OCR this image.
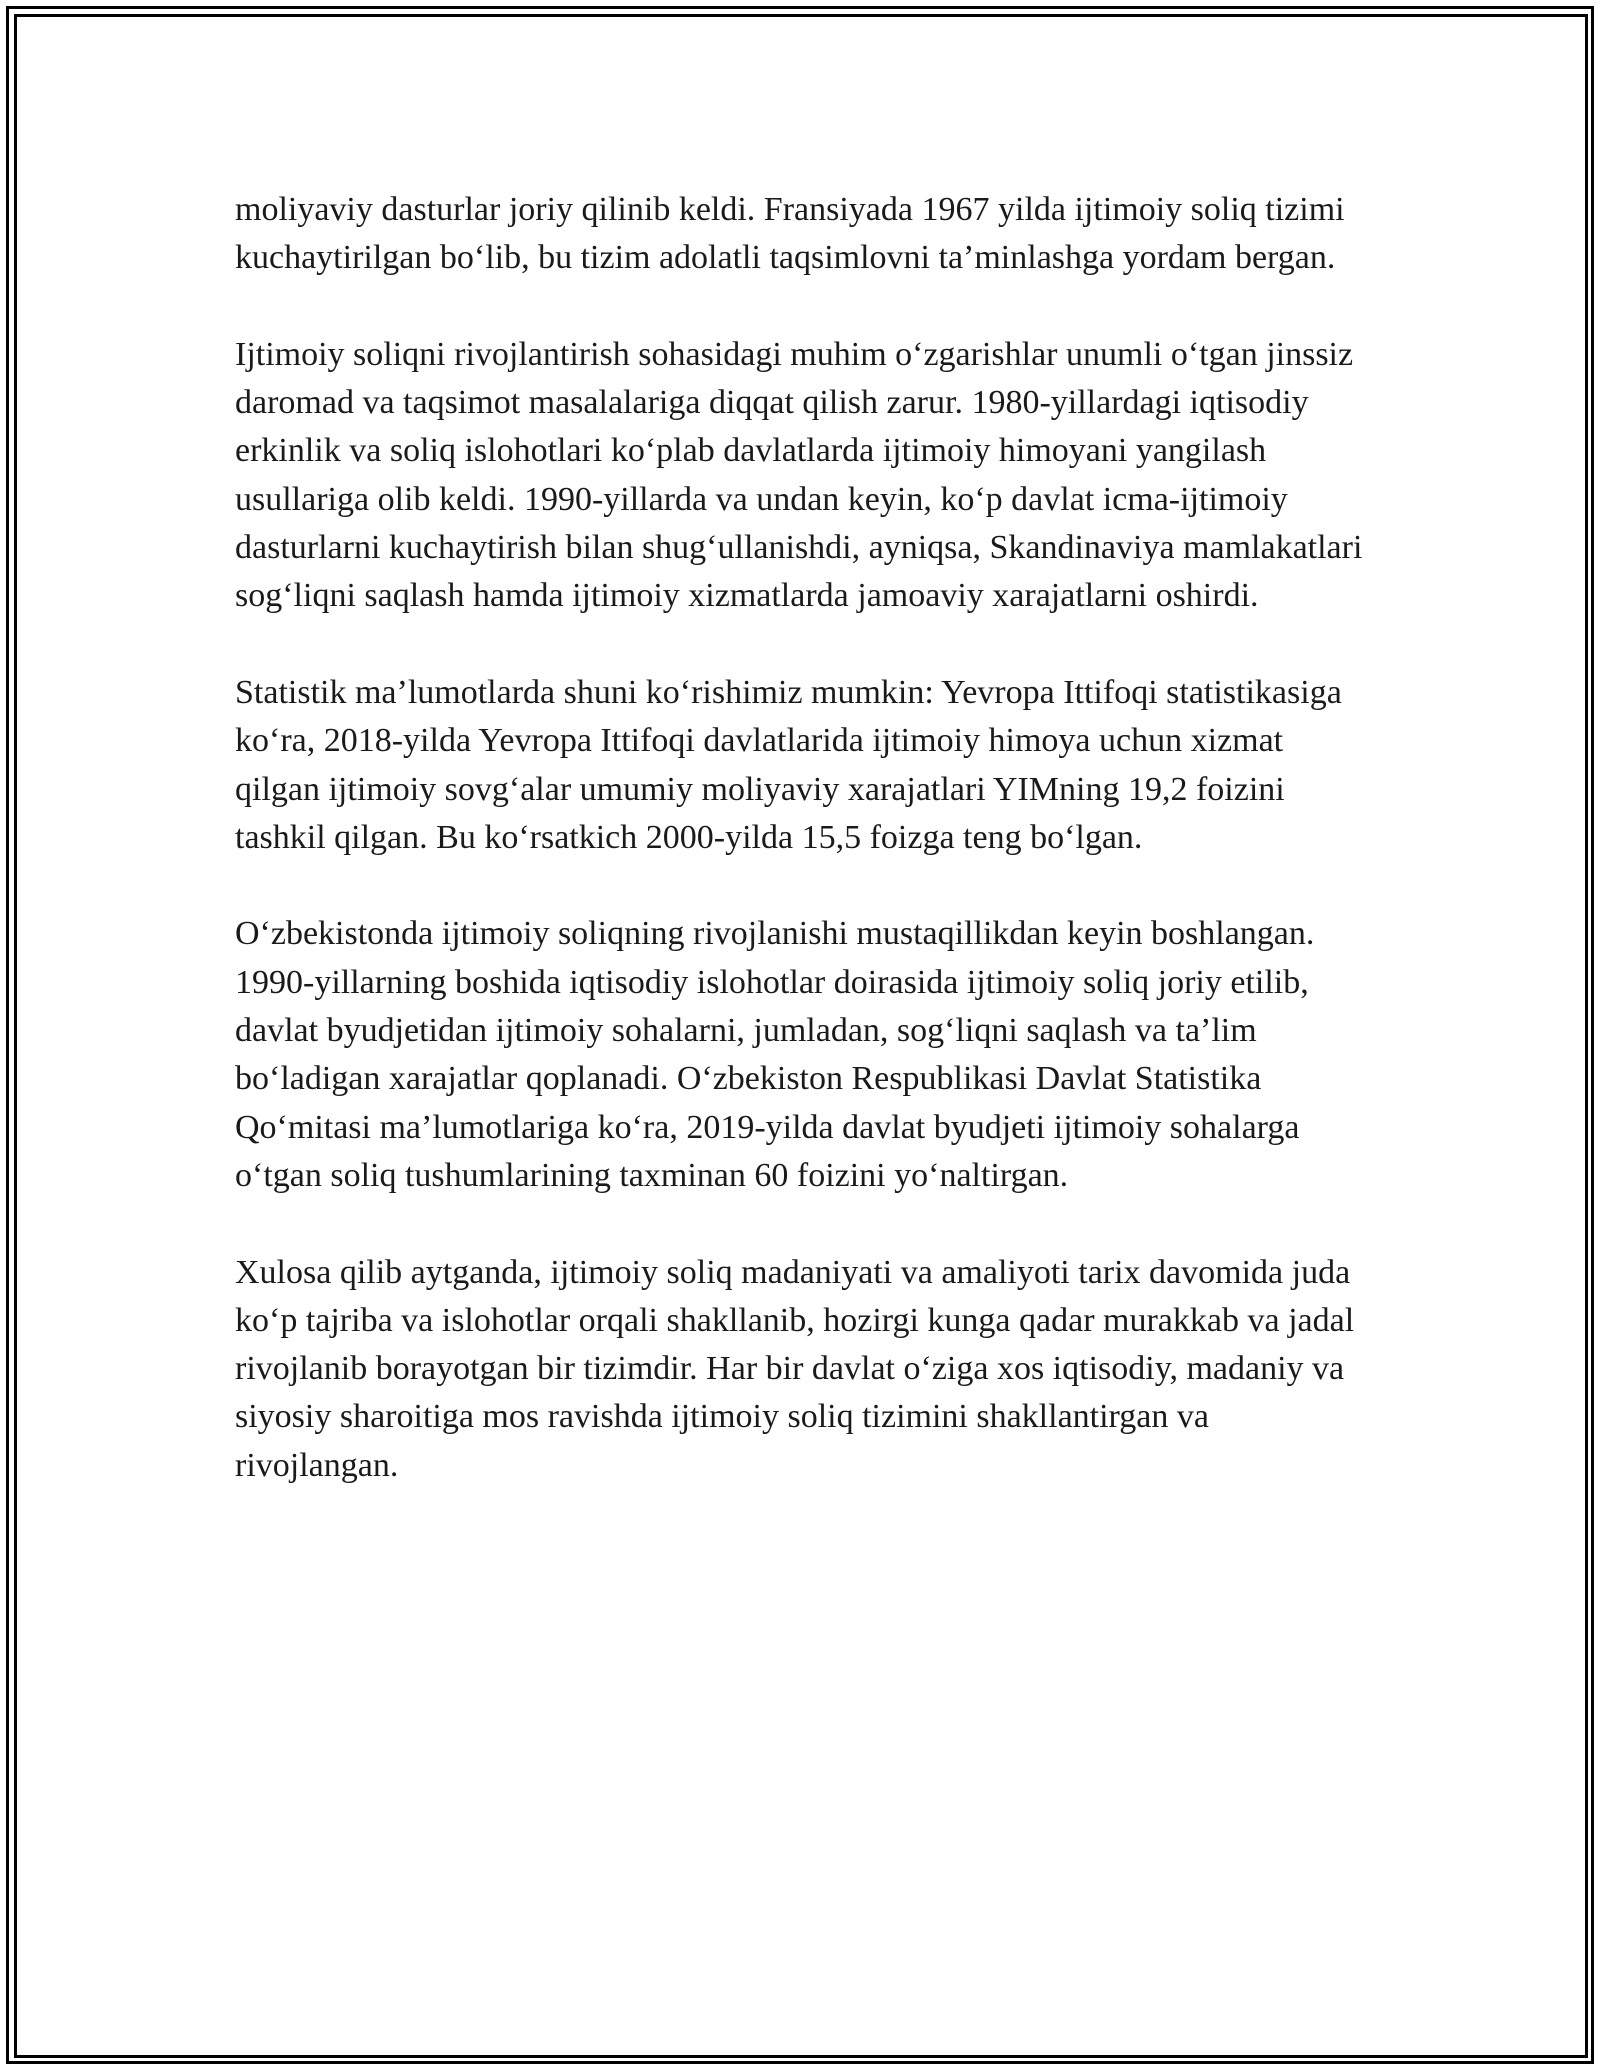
moliyaviy dasturlar joriy qilinib keldi. Fransiyada 1967 yilda ijtimoiy soliq tizimi kuchaytirilgan bo‘lib, bu tizim adolatli taqsimlovni ta’minlashga yordam bergan.

Ijtimoiy soliqni rivojlantirish sohasidagi muhim o‘zgarishlar unumli o‘tgan jinssiz daromad va taqsimot masalalariga diqqat qilish zarur. 1980-yillardagi iqtisodiy erkinlik va soliq islohotlari ko‘plab davlatlarda ijtimoiy himoyani yangilash usullariga olib keldi. 1990-yillarda va undan keyin, ko‘p davlat icma-ijtimoiy dasturlarni kuchaytirish bilan shug‘ullanishdi, ayniqsa, Skandinaviya mamlakatlari sog‘liqni saqlash hamda ijtimoiy xizmatlarda jamoaviy xarajatlarni oshirdi.

Statistik ma’lumotlarda shuni ko‘rishimiz mumkin: Yevropa Ittifoqi statistikasiga ko‘ra, 2018-yilda Yevropa Ittifoqi davlatlarida ijtimoiy himoya uchun xizmat qilgan ijtimoiy sovg‘alar umumiy moliyaviy xarajatlari YIMning 19,2 foizini tashkil qilgan. Bu ko‘rsatkich 2000-yilda 15,5 foizga teng bo‘lgan.

O‘zbekistonda ijtimoiy soliqning rivojlanishi mustaqillikdan keyin boshlangan. 1990-yillarning boshida iqtisodiy islohotlar doirasida ijtimoiy soliq joriy etilib, davlat byudjetidan ijtimoiy sohalarni, jumladan, sog‘liqni saqlash va ta’lim bo‘ladigan xarajatlar qoplanadi. O‘zbekiston Respublikasi Davlat Statistika Qo‘mitasi ma’lumotlariga ko‘ra, 2019-yilda davlat byudjeti ijtimoiy sohalarga o‘tgan soliq tushumlarining taxminan 60 foizini yo‘naltirgan.

Xulosa qilib aytganda, ijtimoiy soliq madaniyati va amaliyoti tarix davomida juda ko‘p tajriba va islohotlar orqali shakllanib, hozirgi kunga qadar murakkab va jadal rivojlanib borayotgan bir tizimdir. Har bir davlat o‘ziga xos iqtisodiy, madaniy va siyosiy sharoitiga mos ravishda ijtimoiy soliq tizimini shakllantirgan va rivojlangan.
